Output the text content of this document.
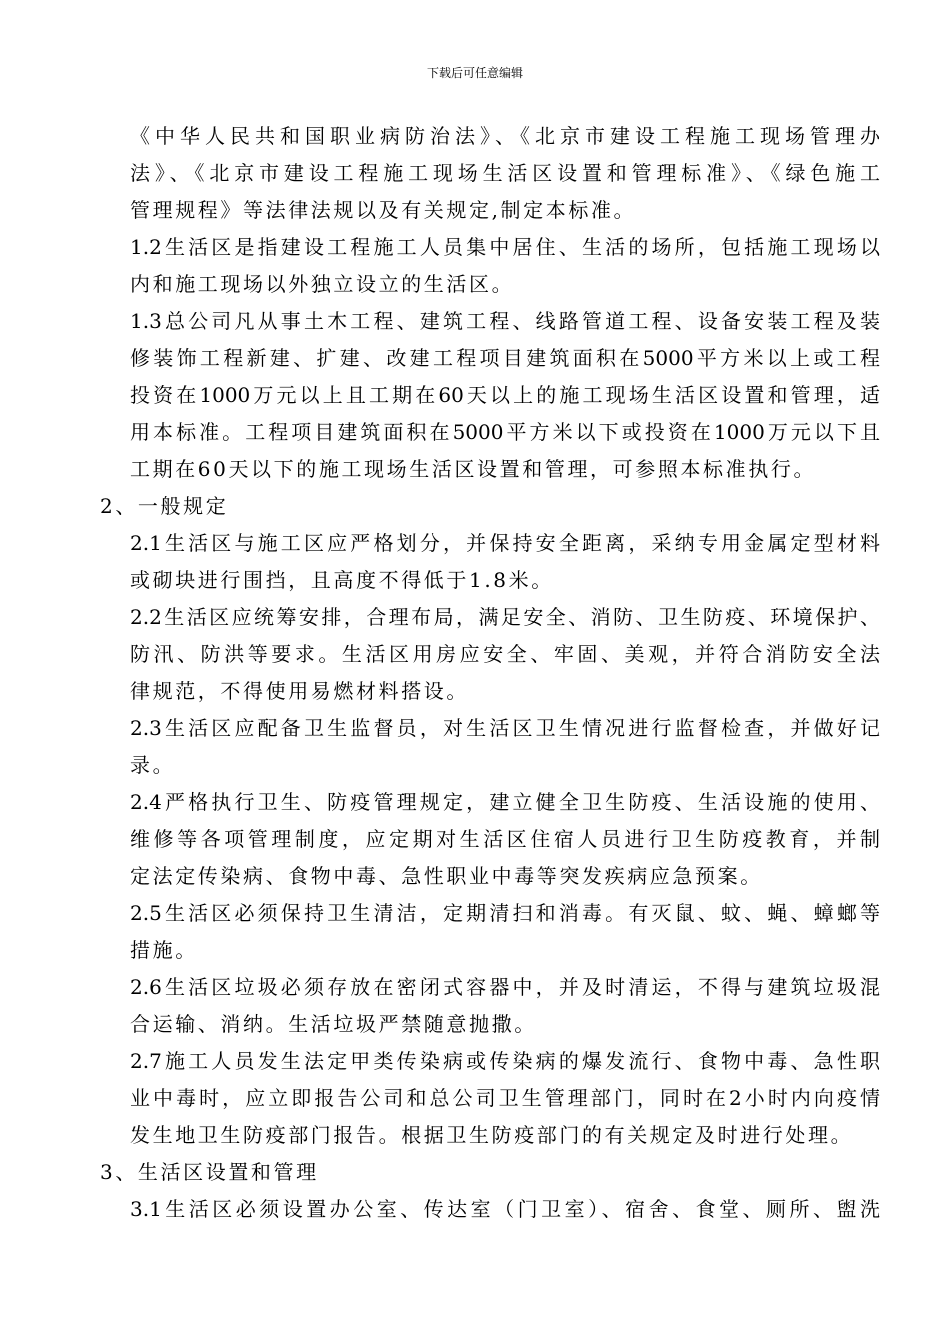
下载后可任意编辑
《中华人民共和国职业病防治法》、《北京市建设工程施工现场管理办
法》、《北京市建设工程施工现场生活区设置和管理标准》、《绿色施工
管理规程》等法律法规以及有关规定,制定本标准。
1.2生活区是指建设工程施工人员集中居住、生活的场所，包括施工现场以
内和施工现场以外独立设立的生活区。
1.3总公司凡从事土木工程、建筑工程、线路管道工程、设备安装工程及装
修装饰工程新建、扩建、改建工程项目建筑面积在5000平方米以上或工程
投资在1000万元以上且工期在60天以上的施工现场生活区设置和管理，适
用本标准。工程项目建筑面积在5000平方米以下或投资在1000万元以下且
工期在60天以下的施工现场生活区设置和管理，可参照本标准执行。
2、一般规定
2.1生活区与施工区应严格划分，并保持安全距离，采纳专用金属定型材料
或砌块进行围挡，且高度不得低于1.8米。
2.2生活区应统筹安排，合理布局，满足安全、消防、卫生防疫、环境保护、
防汛、防洪等要求。生活区用房应安全、牢固、美观，并符合消防安全法
律规范，不得使用易燃材料搭设。
2.3生活区应配备卫生监督员，对生活区卫生情况进行监督检查，并做好记
录。
2.4严格执行卫生、防疫管理规定，建立健全卫生防疫、生活设施的使用、
维修等各项管理制度，应定期对生活区住宿人员进行卫生防疫教育，并制
定法定传染病、食物中毒、急性职业中毒等突发疾病应急预案。
2.5生活区必须保持卫生清洁，定期清扫和消毒。有灭鼠、蚊、蝇、蟑螂等
措施。
2.6生活区垃圾必须存放在密闭式容器中，并及时清运，不得与建筑垃圾混
合运输、消纳。生活垃圾严禁随意抛撒。
2.7施工人员发生法定甲类传染病或传染病的爆发流行、食物中毒、急性职
业中毒时，应立即报告公司和总公司卫生管理部门，同时在2小时内向疫情
发生地卫生防疫部门报告。根据卫生防疫部门的有关规定及时进行处理。
3、生活区设置和管理
3.1生活区必须设置办公室、传达室（门卫室）、宿舍、食堂、厕所、盥洗
